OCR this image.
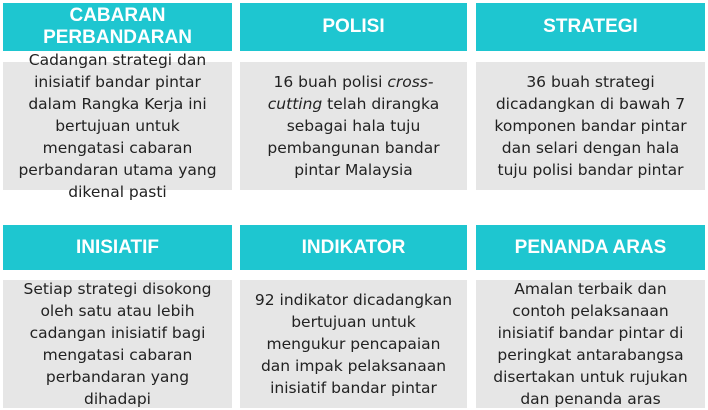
CABARAN
PERBANDARAN

Cadangan strategi dan inisiatif bandar pintar dalam Rangka Kerja ini bertujuan untuk mengatasi cabaran perbandaran utama yang dikenal pasti

POLISI

16 buah polisi cross-cutting telah dirangka sebagai hala tuju pembangunan bandar pintar Malaysia

STRATEGI

36 buah strategi dicadangkan di bawah 7 komponen bandar pintar dan selari dengan hala tuju polisi bandar pintar

INISIATIF

Setiap strategi disokong oleh satu atau lebih cadangan inisiatif bagi mengatasi cabaran perbandaran yang dihadapi

INDIKATOR

92 indikator dicadangkan bertujuan untuk mengukur pencapaian dan impak pelaksanaan inisiatif bandar pintar

PENANDA ARAS

Amalan terbaik dan contoh pelaksanaan inisiatif bandar pintar di peringkat antarabangsa disertakan untuk rujukan dan penanda aras
